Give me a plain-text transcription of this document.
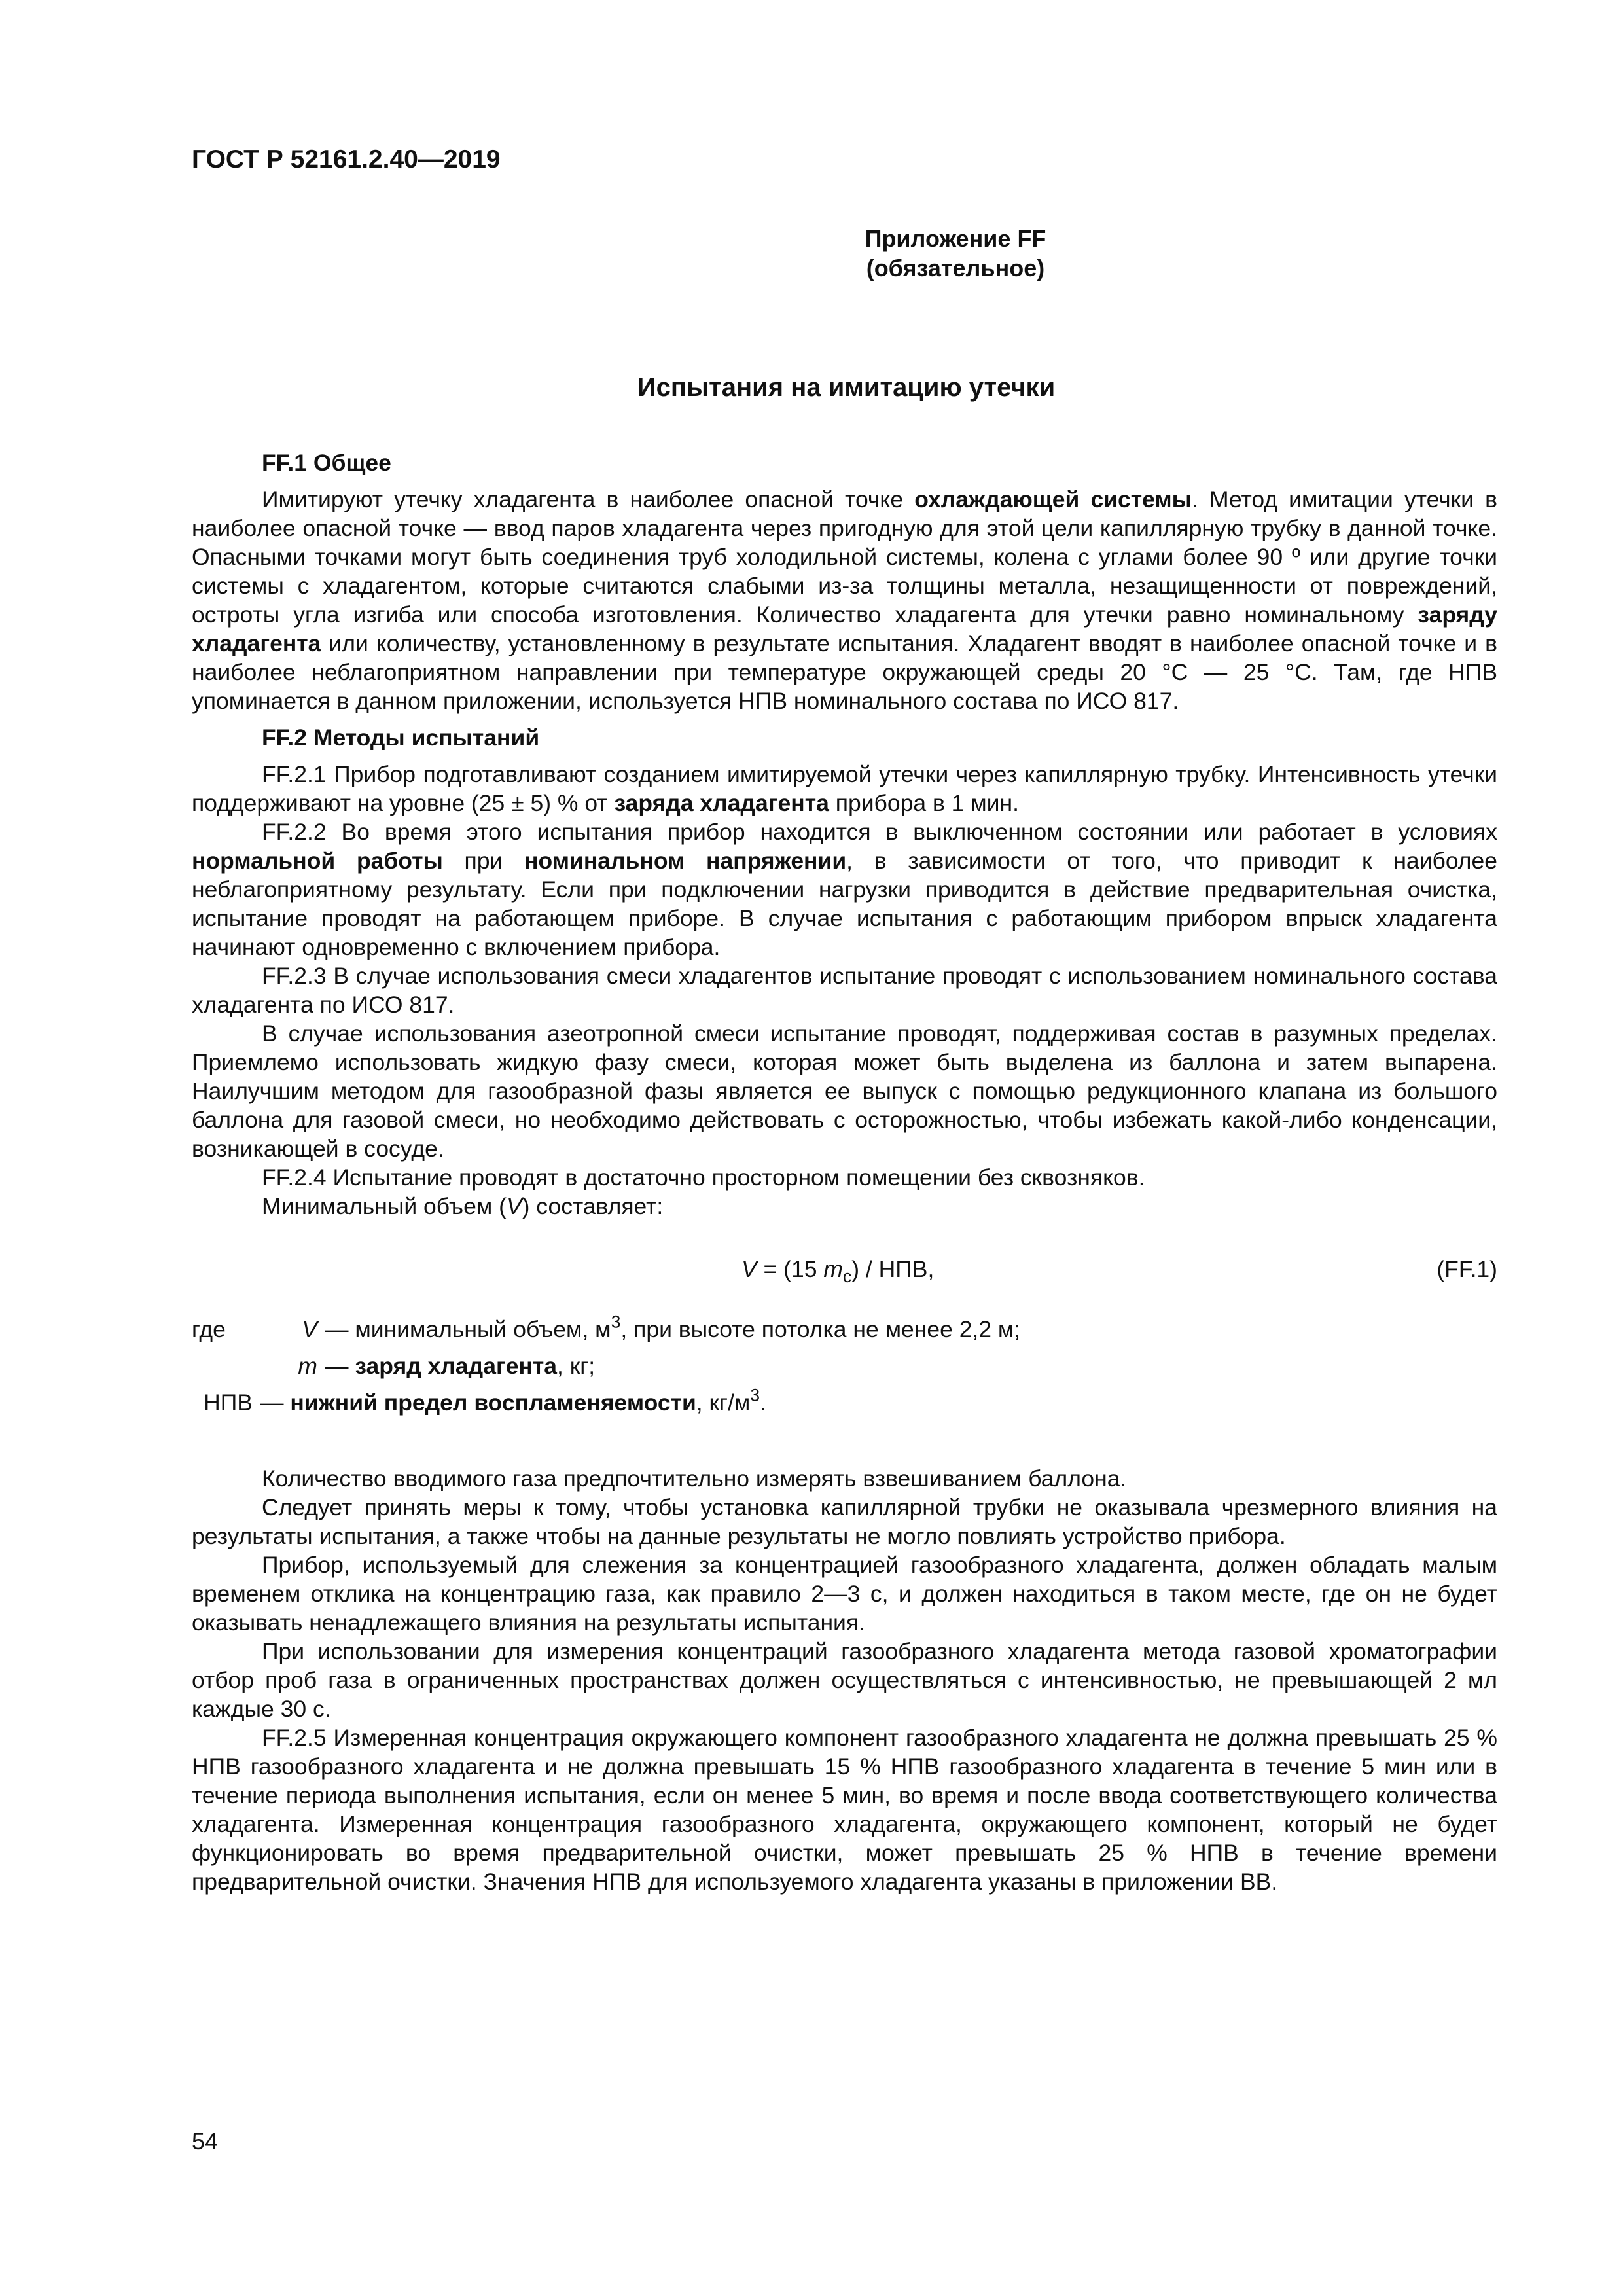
ГОСТ Р 52161.2.40—2019
Приложение FF
(обязательное)
Испытания на имитацию утечки
FF.1 Общее

Имитируют утечку хладагента в наиболее опасной точке охлаждающей системы. Метод имитации утечки в наиболее опасной точке — ввод паров хладагента через пригодную для этой цели капиллярную трубку в данной точке. Опасными точками могут быть соединения труб холодильной системы, колена с углами более 90 º или другие точки системы с хладагентом, которые считаются слабыми из-за толщины металла, незащищенности от повреждений, остроты угла изгиба или способа изготовления. Количество хладагента для утечки равно номинальному заряду хладагента или количеству, установленному в результате испытания. Хладагент вводят в наиболее опасной точке и в наиболее неблагоприятном направлении при температуре окружающей среды 20 °С — 25 °С. Там, где НПВ упоминается в данном приложении, используется НПВ номинального состава по ИСО 817.

FF.2 Методы испытаний

FF.2.1 Прибор подготавливают созданием имитируемой утечки через капиллярную трубку. Интенсивность утечки поддерживают на уровне (25 ± 5) % от заряда хладагента прибора в 1 мин.

FF.2.2 Во время этого испытания прибор находится в выключенном состоянии или работает в условиях нормальной работы при номинальном напряжении, в зависимости от того, что приводит к наиболее неблагоприятному результату. Если при подключении нагрузки приводится в действие предварительная очистка, испытание проводят на работающем приборе. В случае испытания с работающим прибором впрыск хладагента начинают одновременно с включением прибора.

FF.2.3 В случае использования смеси хладагентов испытание проводят с использованием номинального состава хладагента по ИСО 817.

В случае использования азеотропной смеси испытание проводят, поддерживая состав в разумных пределах. Приемлемо использовать жидкую фазу смеси, которая может быть выделена из баллона и затем выпарена. Наилучшим методом для газообразной фазы является ее выпуск с помощью редукционного клапана из большого баллона для газовой смеси, но необходимо действовать с осторожностью, чтобы избежать какой-либо конденсации, возникающей в сосуде.

FF.2.4 Испытание проводят в достаточно просторном помещении без сквозняков.

Минимальный объем (V) составляет:

V = (15 $m_c$) / НПВ,	(FF.1)
где	V — минимальный объем, $м^3$, при высоте потолка не менее 2,2 м;
m — заряд хладагента, кг;
НПВ — нижний предел воспламеняемости, $кг/м^3$.

Количество вводимого газа предпочтительно измерять взвешиванием баллона.

Следует принять меры к тому, чтобы установка капиллярной трубки не оказывала чрезмерного влияния на результаты испытания, а также чтобы на данные результаты не могло повлиять устройство прибора.

Прибор, используемый для слежения за концентрацией газообразного хладагента, должен обладать малым временем отклика на концентрацию газа, как правило 2—3 с, и должен находиться в таком месте, где он не будет оказывать ненадлежащего влияния на результаты испытания.

При использовании для измерения концентраций газообразного хладагента метода газовой хроматографии отбор проб газа в ограниченных пространствах должен осуществляться с интенсивностью, не превышающей 2 мл каждые 30 с.

FF.2.5 Измеренная концентрация окружающего компонент газообразного хладагента не должна превышать 25 % НПВ газообразного хладагента и не должна превышать 15 % НПВ газообразного хладагента в течение 5 мин или в течение периода выполнения испытания, если он менее 5 мин, во время и после ввода соответствующего количества хладагента. Измеренная концентрация газообразного хладагента, окружающего компонент, который не будет функционировать во время предварительной очистки, может превышать 25 % НПВ в течение времени предварительной очистки. Значения НПВ для используемого хладагента указаны в приложении ВВ.

54
